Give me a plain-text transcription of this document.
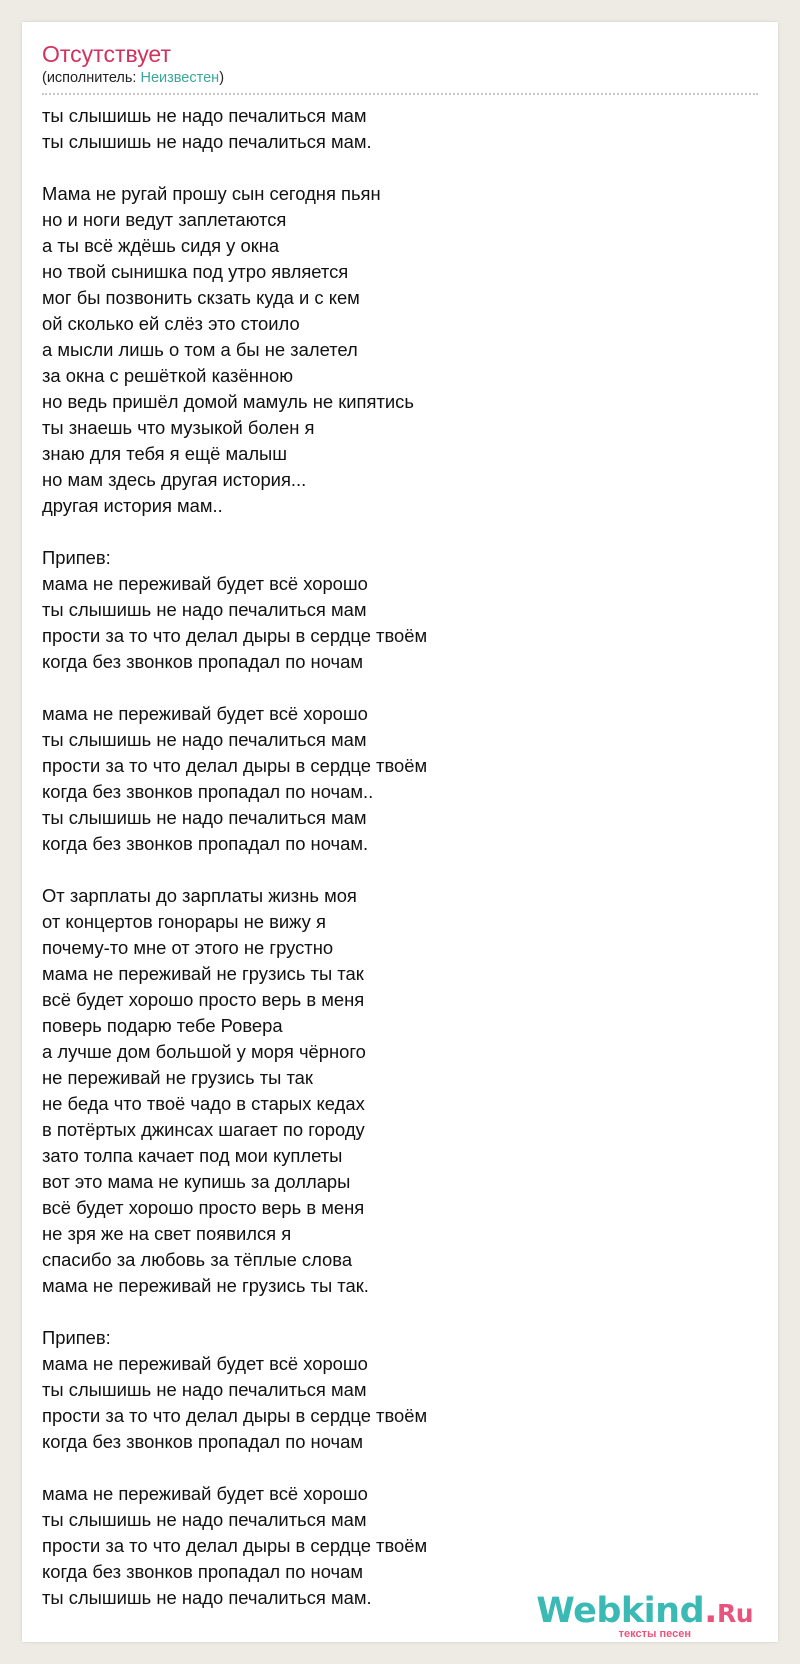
Отсутствует
(исполнитель: Неизвестен)
ты слышишь не надо печалиться мам
ты слышишь не надо печалиться мам.
Мама не ругай прошу сын сегодня пьян
но и ноги ведут заплетаются
а ты всё ждёшь сидя у окна
но твой сынишка под утро является
мог бы позвонить скзать куда и с кем
ой сколько ей слёз это стоило
а мысли лишь о том а бы не залетел
за окна с решёткой казённою
но ведь пришёл домой мамуль не кипятись
ты знаешь что музыкой болен я
знаю для тебя я ещё малыш
но мам здесь другая история...
другая история мам..
Припев:
мама не переживай будет всё хорошо
ты слышишь не надо печалиться мам
прости за то что делал дыры в сердце твоём
когда без звонков пропадал по ночам
мама не переживай будет всё хорошо
ты слышишь не надо печалиться мам
прости за то что делал дыры в сердце твоём
когда без звонков пропадал по ночам..
ты слышишь не надо печалиться мам
когда без звонков пропадал по ночам.
От зарплаты до зарплаты жизнь моя
от концертов гонорары не вижу я
почему-то мне от этого не грустно
мама не переживай не грузись ты так
всё будет хорошо просто верь в меня
поверь подарю тебе Ровера
а лучше дом большой у моря чёрного
не переживай не грузись ты так
не беда что твоё чадо в старых кедах
в потёртых джинсах шагает по городу
зато толпа качает под мои куплеты
вот это мама не купишь за доллары
всё будет хорошо просто верь в меня
не зря же на свет появился я
спасибо за любовь за тёплые слова
мама не переживай не грузись ты так.
Припев:
мама не переживай будет всё хорошо
ты слышишь не надо печалиться мам
прости за то что делал дыры в сердце твоём
когда без звонков пропадал по ночам
мама не переживай будет всё хорошо
ты слышишь не надо печалиться мам
прости за то что делал дыры в сердце твоём
когда без звонков пропадал по ночам
ты слышишь не надо печалиться мам.	Webkind.Ru
тексты песен
